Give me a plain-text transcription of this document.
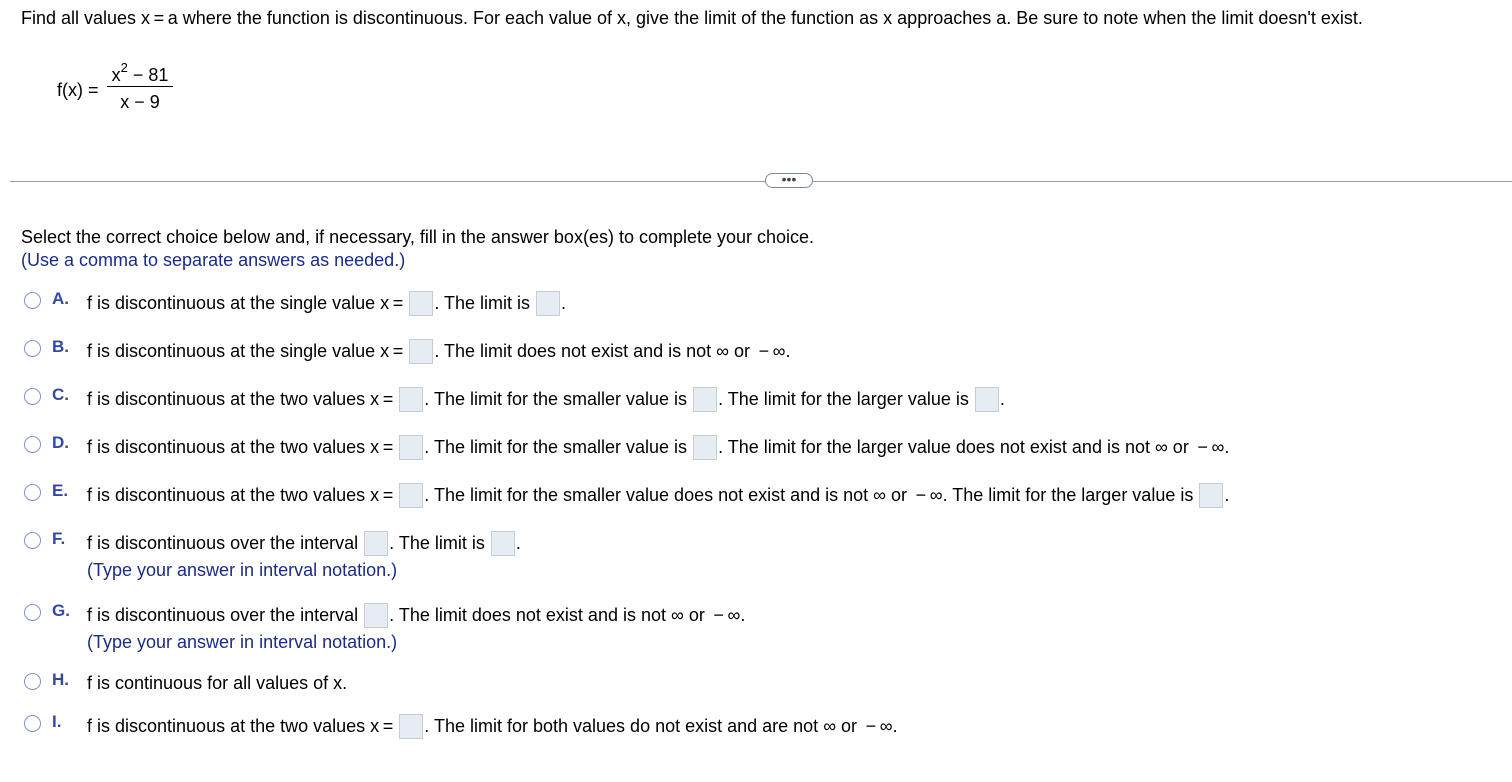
Find all values x = a where the function is discontinuous. For each value of x, give the limit of the function as x approaches a. Be sure to note when the limit doesn't exist.
f(x) =
$x^2 - 81$
x − 9
•••
Select the correct choice below and, if necessary, fill in the answer box(es) to complete your choice.
(Use a comma to separate answers as needed.)
A. f is discontinuous at the single value x = . The limit is .
B. f is discontinuous at the single value x = . The limit does not exist and is not ∞ or  − ∞.
C. f is discontinuous at the two values x = . The limit for the smaller value is . The limit for the larger value is .
D. f is discontinuous at the two values x = . The limit for the smaller value is . The limit for the larger value does not exist and is not ∞ or  − ∞.
E. f is discontinuous at the two values x = . The limit for the smaller value does not exist and is not ∞ or  − ∞. The limit for the larger value is .
F. f is discontinuous over the interval . The limit is .
(Type your answer in interval notation.)
G. f is discontinuous over the interval . The limit does not exist and is not ∞ or  − ∞.
(Type your answer in interval notation.)
H. f is continuous for all values of x.
I. f is discontinuous at the two values x = . The limit for both values do not exist and are not ∞ or  − ∞.
